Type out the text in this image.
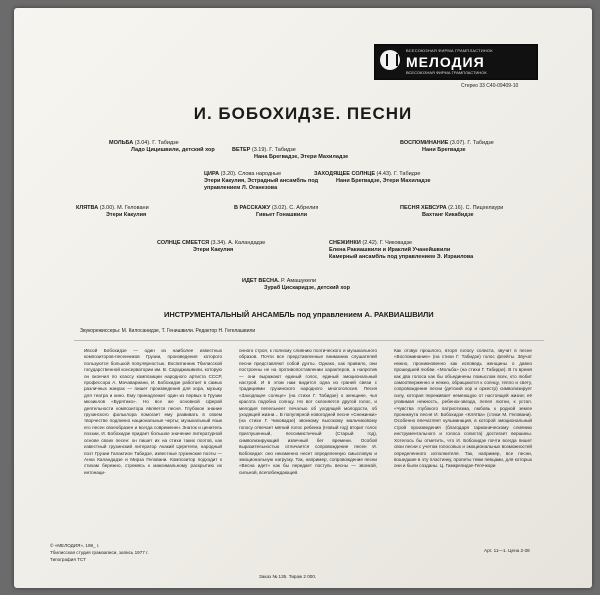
ВСЕСОЮЗНАЯ ФИРМА ГРАМПЛАСТИНОК
МЕЛОДИЯ
ВСЕСОЮЗНАЯ ФИРМА ГРАМПЛАСТИНОК
Стерео 33 С40-09409-10
И. БОБОХИДЗЕ. ПЕСНИ
МОЛЬБА (3.04). Г. Табидзе
Ладо Цицишвили, детский хор	ВЕТЕР (3.19). Г. Табидзе
Нана Брегвадзе, Этери Махиладзе
ВОСПОМИНАНИЕ (3.07). Г. Табидзе
Нани Брегвадзе
ЦИРА (3.20). Слова народные
Этери Какулия, Эстрадный ансамбль под управлением Л. Оганезова
ЗАХОДЯЩЕЕ СОЛНЦЕ (4.43). Г. Табидзе
Нани Брегвадзе, Этери Махиладзе
КЛЯТВА (3.00). М. Геловани
Этери Какулия
В РАССКАЖУ (3.02). С. Абрелия
Гивьет Гонашвили
ПЕСНЯ ХЕВСУРА (2.16). С. Пицхелаури
Вахтанг Кикабидзе
СОЛНЦЕ СМЕЕТСЯ (3.34). А. Каландадзе
Этери Какулия
СНЕЖИНКИ (2.42). Г. Чиковадзе
Елена Ракиашвили и Ираклий Учанейшвили Камерный ансамбль под управлением Э. Израилова
ИДЕТ ВЕСНА. Р. Амашукели
Зураб Цискаридзе, детский хор
ИНСТРУМЕНТАЛЬНЫЙ АНСАМБЛЬ под управлением А. РАКВИАШВИЛИ
Звукорежиссеры: М. Килосанидзе, Т. Генишвили. Редактор Н. Гегелашвили
Ивсой Бобохидзе — один из наиболее известных композиторов-песенников Грузии, произведения которого пользуются большой популярностью. Воспитанник Тбилисской государственной консерватории им. В. Сараджишвили, которую он окончил по классу композиции народного артиста СССР, профессора А. Мачавариани, И. Бобохидзе работает в самых различных жанрах — пишет произведения для хора, музыку для театра и кино. Ему принадлежит один из первых в Грузии мюзиклов «Бурятико». Но все же основной сферой деятельности композитора является песня. Глубокое знание грузинского фольклора помогает ему развивать в своем творчестве подлинно национальные черты; музыкальный язык его песен своеобразен и всегда современен. Знаток и ценитель поэзии, И. Бобохидзе придает большое значение литературной основе своих песен: он пишет их на стихи таких поэтов, как известный грузинский литератор Акакий Церетели, народный поэт Грузии Галактион Табидзе, известные грузинские поэты — Анна Каландадзе и Мирза Геловани. Композитор подходит к стихам бережно, стремясь к максимальному раскрытию их интонаци-
онного строя, к полному слиянию поэтического и музыкального образов. Почти все представленные вниманию слушателей песни представляют собой дуэты. Однако, как правило, они построены не на противопоставлении характеров, а напротив — они выражают единый голос, единый эмоциональный настрой. И в этом нам видится одна из граней связи с традициями грузинского народного многоголосия. Песня «Заходящее солнце» (на стихи Г. Табидзе) о женщине, чья красота подобна солнцу. Но вот склоняется другой голос, и мелодия пепельнеет печалью об уходящей молодости, об уходящей жизни... В популярной новогодней песне «Снежинки» (на стихи Г. Чиковадзе) звонкому высокому мальчиковому голосу отвечает мягкий голос ребенка (Новый год) вторит голос приглушенный, пессимистичный (Старый год), символизирующий извечный бег времени. Особой выразительностью отличается сопровождение песен И. Бобохидзе: оно неизменно несет определенную смысловую и эмоциональную нагрузку. Так, например, сопровождение песни «Весна идет» как бы передает поступь весны — звонкой, сильной, всепобеждающей.
Как отзвук прошлого, вторя голосу солиста, звучит в песне «Воспоминание» (на стихи Г. Табидзе) голос флейты. Звучат нежно, проникновенно как исповедь женщины о давно прошедшей любви. «Мольба» (на стихи Г. Табидзе). В то время как два голоса как бы объединены помыслом всех, кто любит самоотверженно и нежно, обращаются к солнцу, тепло и свету, сопровождение песни (детский хор и оркестр) символизирует силу, которая переживает немеющую от настоящей жизни; её уязвимая нежность, ребенок-звезда, пепел лютни, к устал. «Чувства глубокого патриотизма, любовь к родной земле проникнута песня И. Бобохидзе «Клятва» (стихи М. Геловани). Особенно впечатляет кульминация, в которой эмоциональный строй произведения (благодаря гармоническому слиянию инструментального и голоса солиста) достигает вершины. Хотелось бы отметить, что И. Бобохидзе почти всегда пишет свои песни с учетом голосовых и эмоциональных возможностей определенного исполнителя. Так, например, все песни, вошедшие в эту пластинку, пропеты теми певцами, для которых они и были созданы. Ц. Гамкрелидзе-Гегечкори
© «МЕЛОДИЯ», 198_ г.
Тбилисская студия грамзаписи, запись 1977 г.
Типография ТСТ
Арт. 11—1. Цена 2-38
Заказ № 135. Тираж 2 000.
